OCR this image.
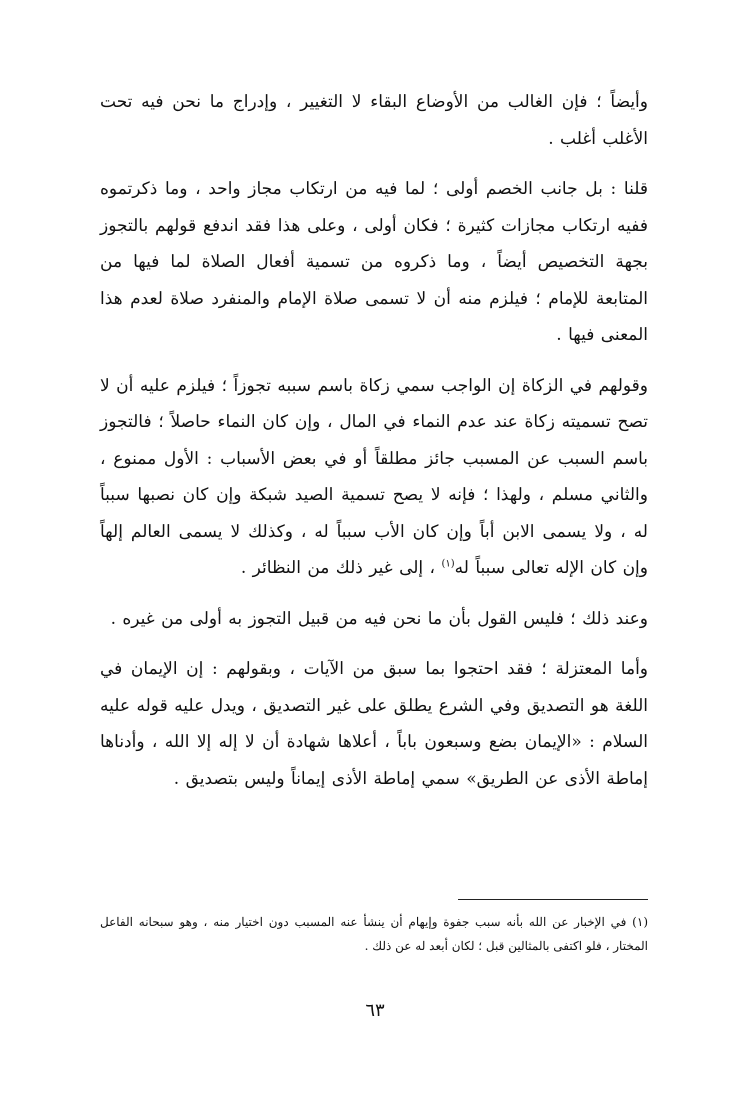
وأيضاً ؛ فإن الغالب من الأوضاع البقاء لا التغيير ، وإدراج ما نحن فيه تحت الأغلب أغلب .

قلنا : بل جانب الخصم أولى ؛ لما فيه من ارتكاب مجاز واحد ، وما ذكرتموه ففيه ارتكاب مجازات كثيرة ؛ فكان أولى ، وعلى هذا فقد اندفع قولهم بالتجوز بجهة التخصيص أيضاً ، وما ذكروه من تسمية أفعال الصلاة لما فيها من المتابعة للإمام ؛ فيلزم منه أن لا تسمى صلاة الإمام والمنفرد صلاة لعدم هذا المعنى فيها .

وقولهم في الزكاة إن الواجب سمي زكاة باسم سببه تجوزاً ؛ فيلزم عليه أن لا تصح تسميته زكاة عند عدم النماء في المال ، وإن كان النماء حاصلاً ؛ فالتجوز باسم السبب عن المسبب جائز مطلقاً أو في بعض الأسباب : الأول ممنوع ، والثاني مسلم ، ولهذا ؛ فإنه لا يصح تسمية الصيد شبكة وإن كان نصبها سبباً له ، ولا يسمى الابن أباً وإن كان الأب سبباً له ، وكذلك لا يسمى العالم إلهاً وإن كان الإله تعالى سبباً له$^{(١)}$ ، إلى غير ذلك من النظائر .

وعند ذلك ؛ فليس القول بأن ما نحن فيه من قبيل التجوز به أولى من غيره .

وأما المعتزلة ؛ فقد احتجوا بما سبق من الآيات ، وبقولهم : إن الإيمان في اللغة هو التصديق وفي الشرع يطلق على غير التصديق ، ويدل عليه قوله عليه السلام : «الإيمان بضع وسبعون باباً ، أعلاها شهادة أن لا إله إلا الله ، وأدناها إماطة الأذى عن الطريق» سمي إماطة الأذى إيماناً وليس بتصديق .

(١) في الإخبار عن الله بأنه سبب جفوة وإيهام أن ينشأ عنه المسبب دون اختيار منه ، وهو سبحانه الفاعل المختار ، فلو اكتفى بالمثالين قبل ؛ لكان أبعد له عن ذلك .

٦٣
